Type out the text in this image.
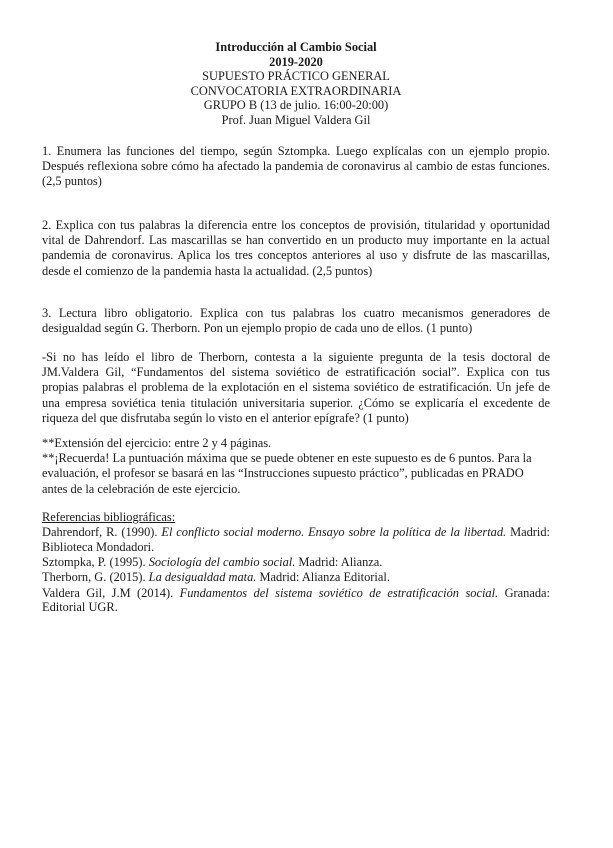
Introducción al Cambio Social
2019-2020
SUPUESTO PRÁCTICO GENERAL
CONVOCATORIA EXTRAORDINARIA
GRUPO B (13 de julio. 16:00-20:00)
Prof. Juan Miguel Valdera Gil

1. Enumera las funciones del tiempo, según Sztompka. Luego explícalas con un ejemplo propio. Después reflexiona sobre cómo ha afectado la pandemia de coronavirus al cambio de estas funciones. (2,5 puntos)

2. Explica con tus palabras la diferencia entre los conceptos de provisión, titularidad y oportunidad vital de Dahrendorf. Las mascarillas se han convertido en un producto muy importante en la actual pandemia de coronavirus. Aplica los tres conceptos anteriores al uso y disfrute de las mascarillas, desde el comienzo de la pandemia hasta la actualidad. (2,5 puntos)

3. Lectura libro obligatorio. Explica con tus palabras los cuatro mecanismos generadores de desigualdad según G. Therborn. Pon un ejemplo propio de cada uno de ellos. (1 punto)

-Si no has leído el libro de Therborn, contesta a la siguiente pregunta de la tesis doctoral de JM.Valdera Gil, “Fundamentos del sistema soviético de estratificación social”. Explica con tus propias palabras el problema de la explotación en el sistema soviético de estratificación. Un jefe de una empresa soviética tenia titulación universitaria superior. ¿Cómo se explicaría el excedente de riqueza del que disfrutaba según lo visto en el anterior epígrafe? (1 punto)

**Extensión del ejercicio: entre 2 y 4 páginas.

**¡Recuerda! La puntuación máxima que se puede obtener en este supuesto es de 6 puntos. Para la evaluación, el profesor se basará en las “Instrucciones supuesto práctico”, publicadas en PRADO antes de la celebración de este ejercicio.

Referencias bibliográficas:

Dahrendorf, R. (1990). El conflicto social moderno. Ensayo sobre la política de la libertad. Madrid: Biblioteca Mondadori.

Sztompka, P. (1995). Sociología del cambio social. Madrid: Alianza.

Therborn, G. (2015). La desigualdad mata. Madrid: Alianza Editorial.

Valdera Gil, J.M (2014). Fundamentos del sistema soviético de estratificación social. Granada: Editorial UGR.
